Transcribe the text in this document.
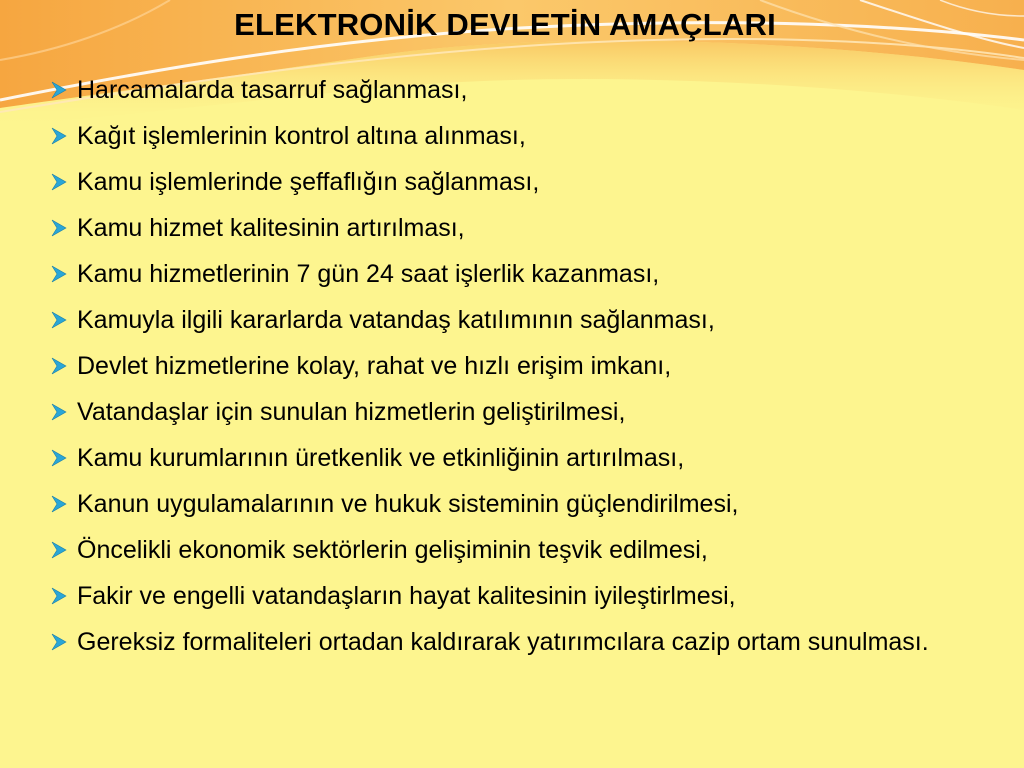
ELEKTRONİK DEVLETİN AMAÇLARI
Harcamalarda tasarruf sağlanması,
Kağıt işlemlerinin kontrol altına alınması,
Kamu işlemlerinde şeffaflığın sağlanması,
Kamu hizmet kalitesinin artırılması,
Kamu hizmetlerinin 7 gün 24 saat işlerlik kazanması,
Kamuyla ilgili kararlarda vatandaş katılımının sağlanması,
Devlet hizmetlerine kolay, rahat ve hızlı erişim imkanı,
Vatandaşlar için sunulan hizmetlerin geliştirilmesi,
Kamu kurumlarının üretkenlik ve etkinliğinin artırılması,
Kanun uygulamalarının ve hukuk sisteminin güçlendirilmesi,
Öncelikli ekonomik sektörlerin gelişiminin teşvik edilmesi,
Fakir ve engelli vatandaşların hayat kalitesinin iyileştirlmesi,
Gereksiz formaliteleri ortadan kaldırarak yatırımcılara cazip ortam sunulması.
